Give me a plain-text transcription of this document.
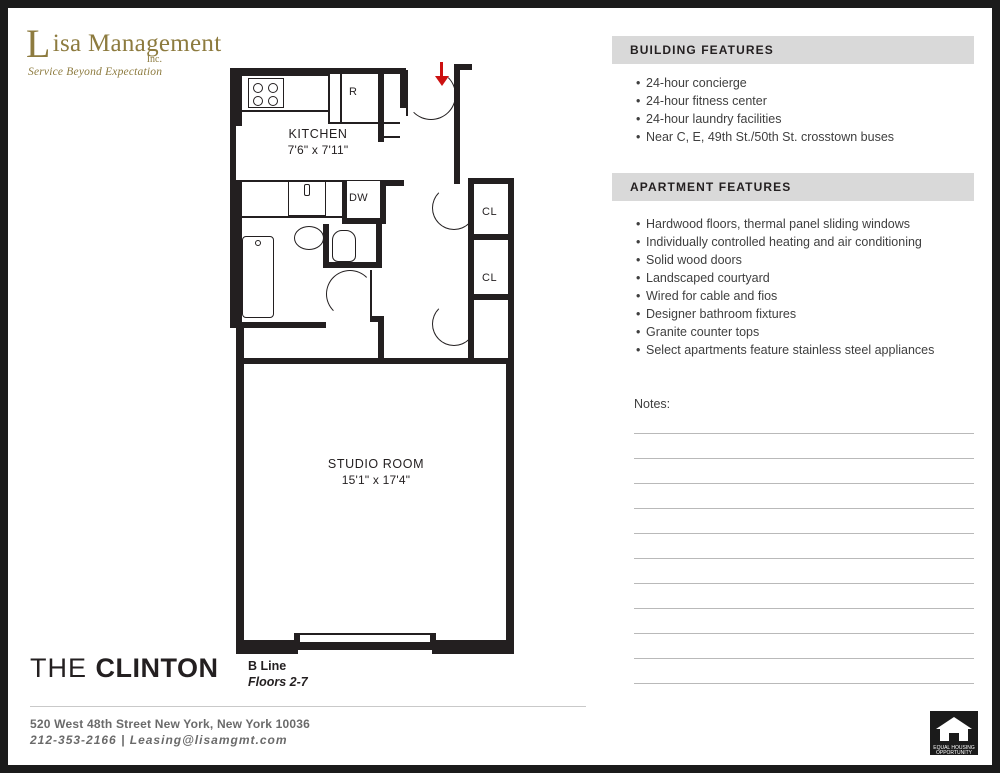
Lisa Management
Inc.
Service Beyond Expectation
R
KITCHEN
7'6" x 7'11"
DW
CL
CL
STUDIO ROOM
15'1" x 17'4"
BUILDING FEATURES
• 24-hour concierge
• 24-hour fitness center
• 24-hour laundry facilities
• Near C, E, 49th St./50th St. crosstown buses
APARTMENT FEATURES
• Hardwood floors, thermal panel sliding windows
• Individually controlled heating and air conditioning
• Solid wood doors
• Landscaped courtyard
• Wired for cable and fios
• Designer bathroom fixtures
• Granite counter tops
• Select apartments feature stainless steel appliances
Notes:
THE CLINTON B Line
Floors 2-7
520 West 48th Street New York, New York 10036
212-353-2166 | Leasing@lisamgmt.com
EQUAL HOUSING
OPPORTUNITY
